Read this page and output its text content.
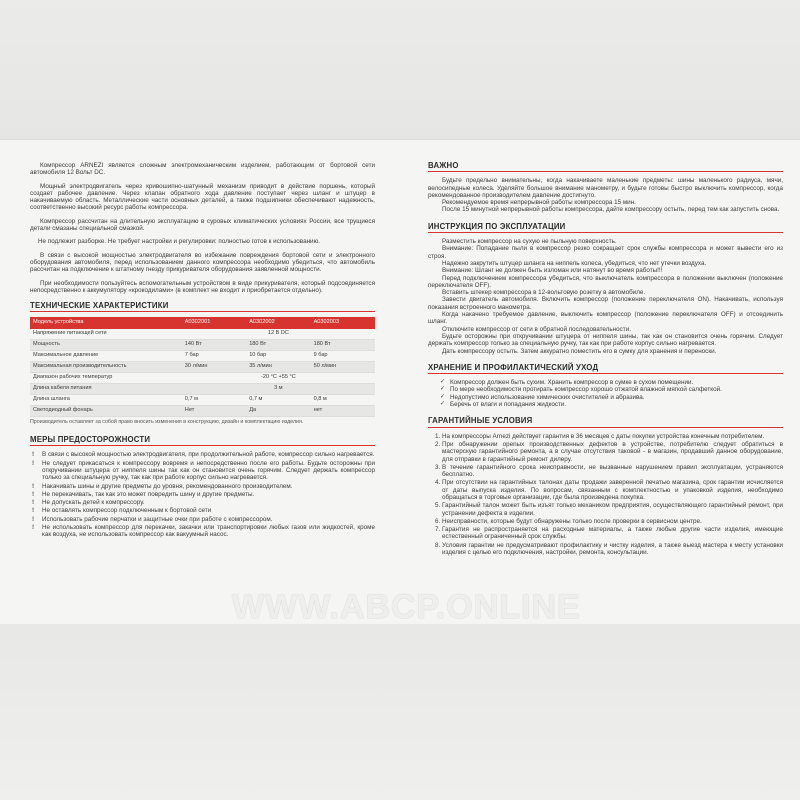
Компрессор ARNEZI является сложным электромеханическим изделием, работающим от бортовой сети автомобиля 12 Вольт DC.

Мощный электродвигатель через кривошипно-шатунный механизм приводит в действие поршень, который создает рабочее давление. Через клапан обратного хода давление поступает через шланг и штуцер в накачиваемую область. Металлические части основных деталей, а также подшипники обеспечивают надежность, соответственно высокий ресурс работы компрессора.

Компрессор рассчитан на длительную эксплуатацию в суровых климатических условиях России, все трущиеся детали смазаны специальной смазкой.

Не подлежит разборке. Не требует настройки и регулировки: полностью готов к использованию.

В связи с высокой мощностью электродвигателя во избежание повреждения бортовой сети и электронного оборудования автомобиля, перед использованием данного компрессора необходимо убедиться, что автомобиль рассчитан на подключение к штатному гнезду прикуривателя оборудования заявленной мощности.

При необходимости пользуйтесь вспомогательным устройством в виде прикуривателя, который подсоединяется непосредственно к аккумулятору «крокодилами» (в комплект не входит и приобретается отдельно).

ТЕХНИЧЕСКИЕ ХАРАКТЕРИСТИКИ
Модель устройства	A0302001	A0302002	A0302003
Напряжение питающей сети	12 В DC		
Мощность	140 Вт	180 Вт	180 Вт
Максимальное давление	7 бар	10 бар	9 бар
Максимальная производительность	30 л/мин	35 л/мин	50 л/мин
Диапазон рабочих температур	-20 °С +55 °С		
Длина кабеля питания	3 м		
Длина шланга	0,7 м	0,7 м	0,8 м
Светодиодный фонарь	Нет	Да	нет

Производитель оставляет за собой право вносить изменения в конструкцию, дизайн и комплектацию изделия.

МЕРЫ ПРЕДОСТОРОЖНОСТИ
! В связи с высокой мощностью электродвигателя, при продолжительной работе, компрессор сильно нагревается.
! Не следует прикасаться к компрессору вовремя и непосредственно после его работы. Будьте осторожны при откручивании штуцера от ниппеля шины так как он становится очень горячим. Следует держать компрессор только за специальную ручку, так как при работе корпус сильно нагревается.
! Накачивать шины и другие предметы до уровня, рекомендованного производителем.
! Не перекачивать, так как это может повредить шину и другие предметы.
! Не допускать детей к компрессору.
! Не оставлять компрессор подключенным к бортовой сети
! Использовать рабочие перчатки и защитные очки при работе с компрессором.
! Не использовать компрессор для перекачки, закачки или транспортировки любых газов или жидкостей, кроме как воздуха, не использовать компрессор как вакуумный насос.
ВАЖНО

Будьте предельно внимательны, когда накачиваете маленькие предметы: шины маленького радиуса, мячи, велосипедные колеса. Уделяйте большое внимание манометру, и будьте готовы быстро выключить компрессор, когда рекомендованное производителем давление достигнуто.

Рекомендуемое время непрерывной работы компрессора 15 мин.

После 15 минутной непрерывной работы компрессора, дайте компрессору остыть, перед тем как запустить снова.

ИНСТРУКЦИЯ ПО ЭКСПЛУАТАЦИИ

Разместить компрессор на сухую не пыльную поверхность.

Внимание: Попадание пыли в компрессор резко сокращает срок службы компрессора и может вывести его из строя.

Надежно закрутить штуцер шланга на ниппель колеса, убедиться, что нет утечки воздуха.

Внимание: Шланг не должен быть изломан или натянут во время работы!!!

Перед подключением компрессора убедиться, что выключатель компрессора в положении выключен (положение переключателя OFF).

Вставить штекер компрессора в 12-вольтовую розетку в автомобиле.

Завести двигатель автомобиля. Включить компрессор (положение переключателя ON). Накачивать, используя показания встроенного манометра.

Когда накачено требуемое давление, выключить компрессор (положение переключателя OFF) и отсоединить шланг.

Отключите компрессор от сети в обратной последовательности.

Будьте осторожны при откручивании штуцера от ниппеля шины, так как он становится очень горячим. Следует держать компрессор только за специальную ручку, так как при работе корпус сильно нагревается.

Дать компрессору остыть. Затем аккуратно поместить его в сумку для хранения и переноски.

ХРАНЕНИЕ И ПРОФИЛАКТИЧЕСКИЙ УХОД
✓ Компрессор должен быть сухим. Хранить компрессор в сумке в сухом помещении.
✓ По мере необходимости протирать компрессор хорошо отжатой влажной мягкой салфеткой.
✓ Недопустимо использование химических очистителей и абразива.
✓ Беречь от влаги и попадания жидкости.
ГАРАНТИЙНЫЕ УСЛОВИЯ
1. На компрессоры Arnezi действует гарантия в 36 месяцев с даты покупки устройства конечным потребителем.
2. При обнаружении openых производственных дефектов в устройстве, потребителю следует обратиться в мастерскую гарантийного ремонта, а в случае отсутствия таковой - в магазин, продавший данное оборудование, для отправки в гарантийный ремонт дилеру.
3. В течение гарантийного срока неисправности, не вызванные нарушением правил эксплуатации, устраняются бесплатно.
4. При отсутствии на гарантийных талонах даты продажи заверенной печатью магазина, срок гарантии исчисляется от даты выпуска изделия. По вопросам, связанным с комплектностью и упаковкой изделия, необходимо обращаться в торговые организации, где была произведена покупка.
5. Гарантийный талон может быть изъят только механиком предприятия, осуществляющего гарантийный ремонт, при устранении дефекта в изделии.
6. Неисправности, которые будут обнаружены только после проверки в сервисном центре.
7. Гарантия не распространяется на расходные материалы, а также любые другие части изделия, имеющие естественный ограниченный срок службы.
8. Условия гарантии не предусматривают профилактику и чистку изделия, а также выезд мастера к месту установки изделия с целью его подключения, настройки, ремонта, консультации.
WWW.ABCP.ONLINE
